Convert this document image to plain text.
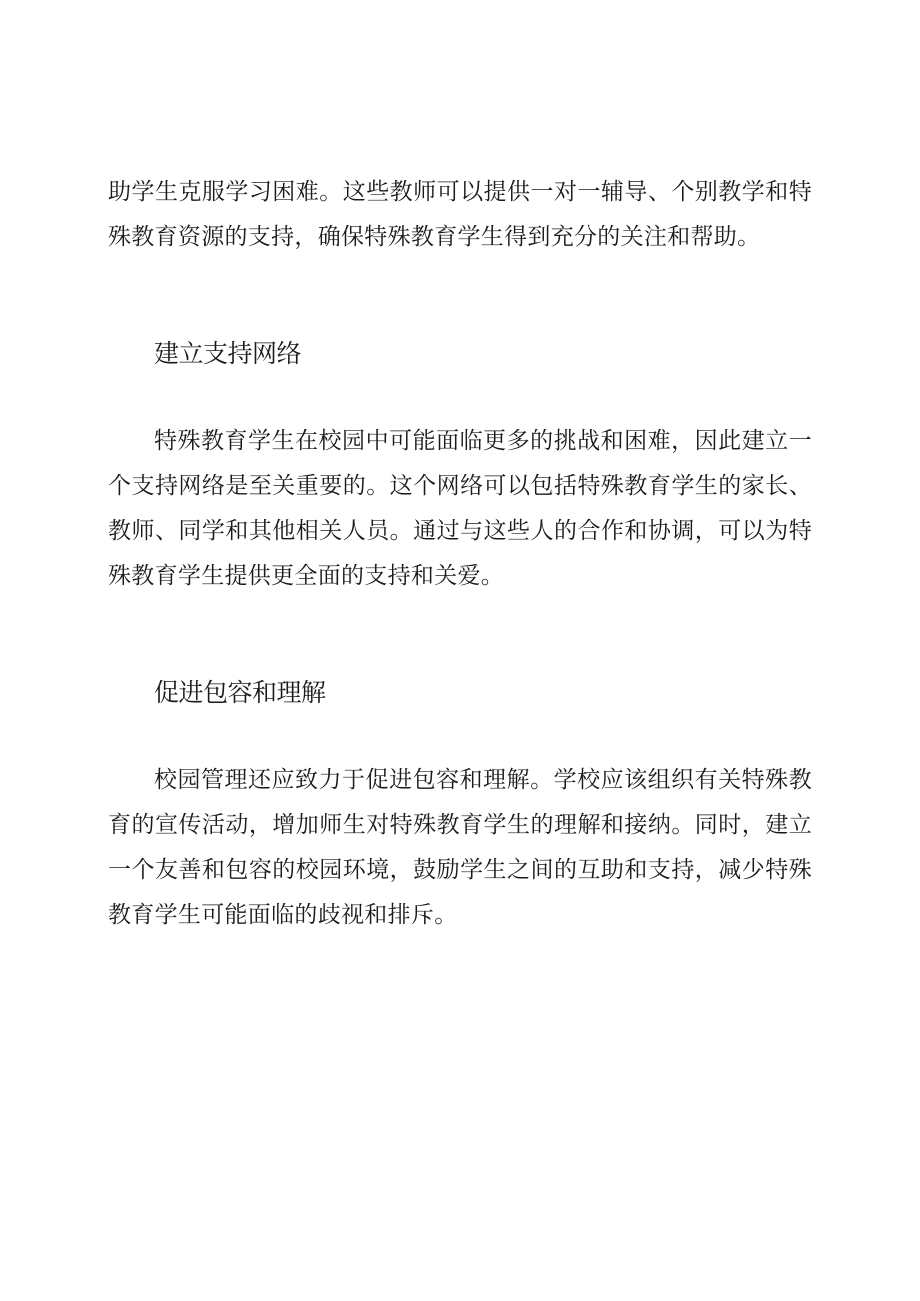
助学生克服学习困难。这些教师可以提供一对一辅导、个别教学和特殊教育资源的支持，确保特殊教育学生得到充分的关注和帮助。

建立支持网络

特殊教育学生在校园中可能面临更多的挑战和困难，因此建立一个支持网络是至关重要的。这个网络可以包括特殊教育学生的家长、教师、同学和其他相关人员。通过与这些人的合作和协调，可以为特殊教育学生提供更全面的支持和关爱。

促进包容和理解

校园管理还应致力于促进包容和理解。学校应该组织有关特殊教育的宣传活动，增加师生对特殊教育学生的理解和接纳。同时，建立一个友善和包容的校园环境，鼓励学生之间的互助和支持，减少特殊教育学生可能面临的歧视和排斥。
